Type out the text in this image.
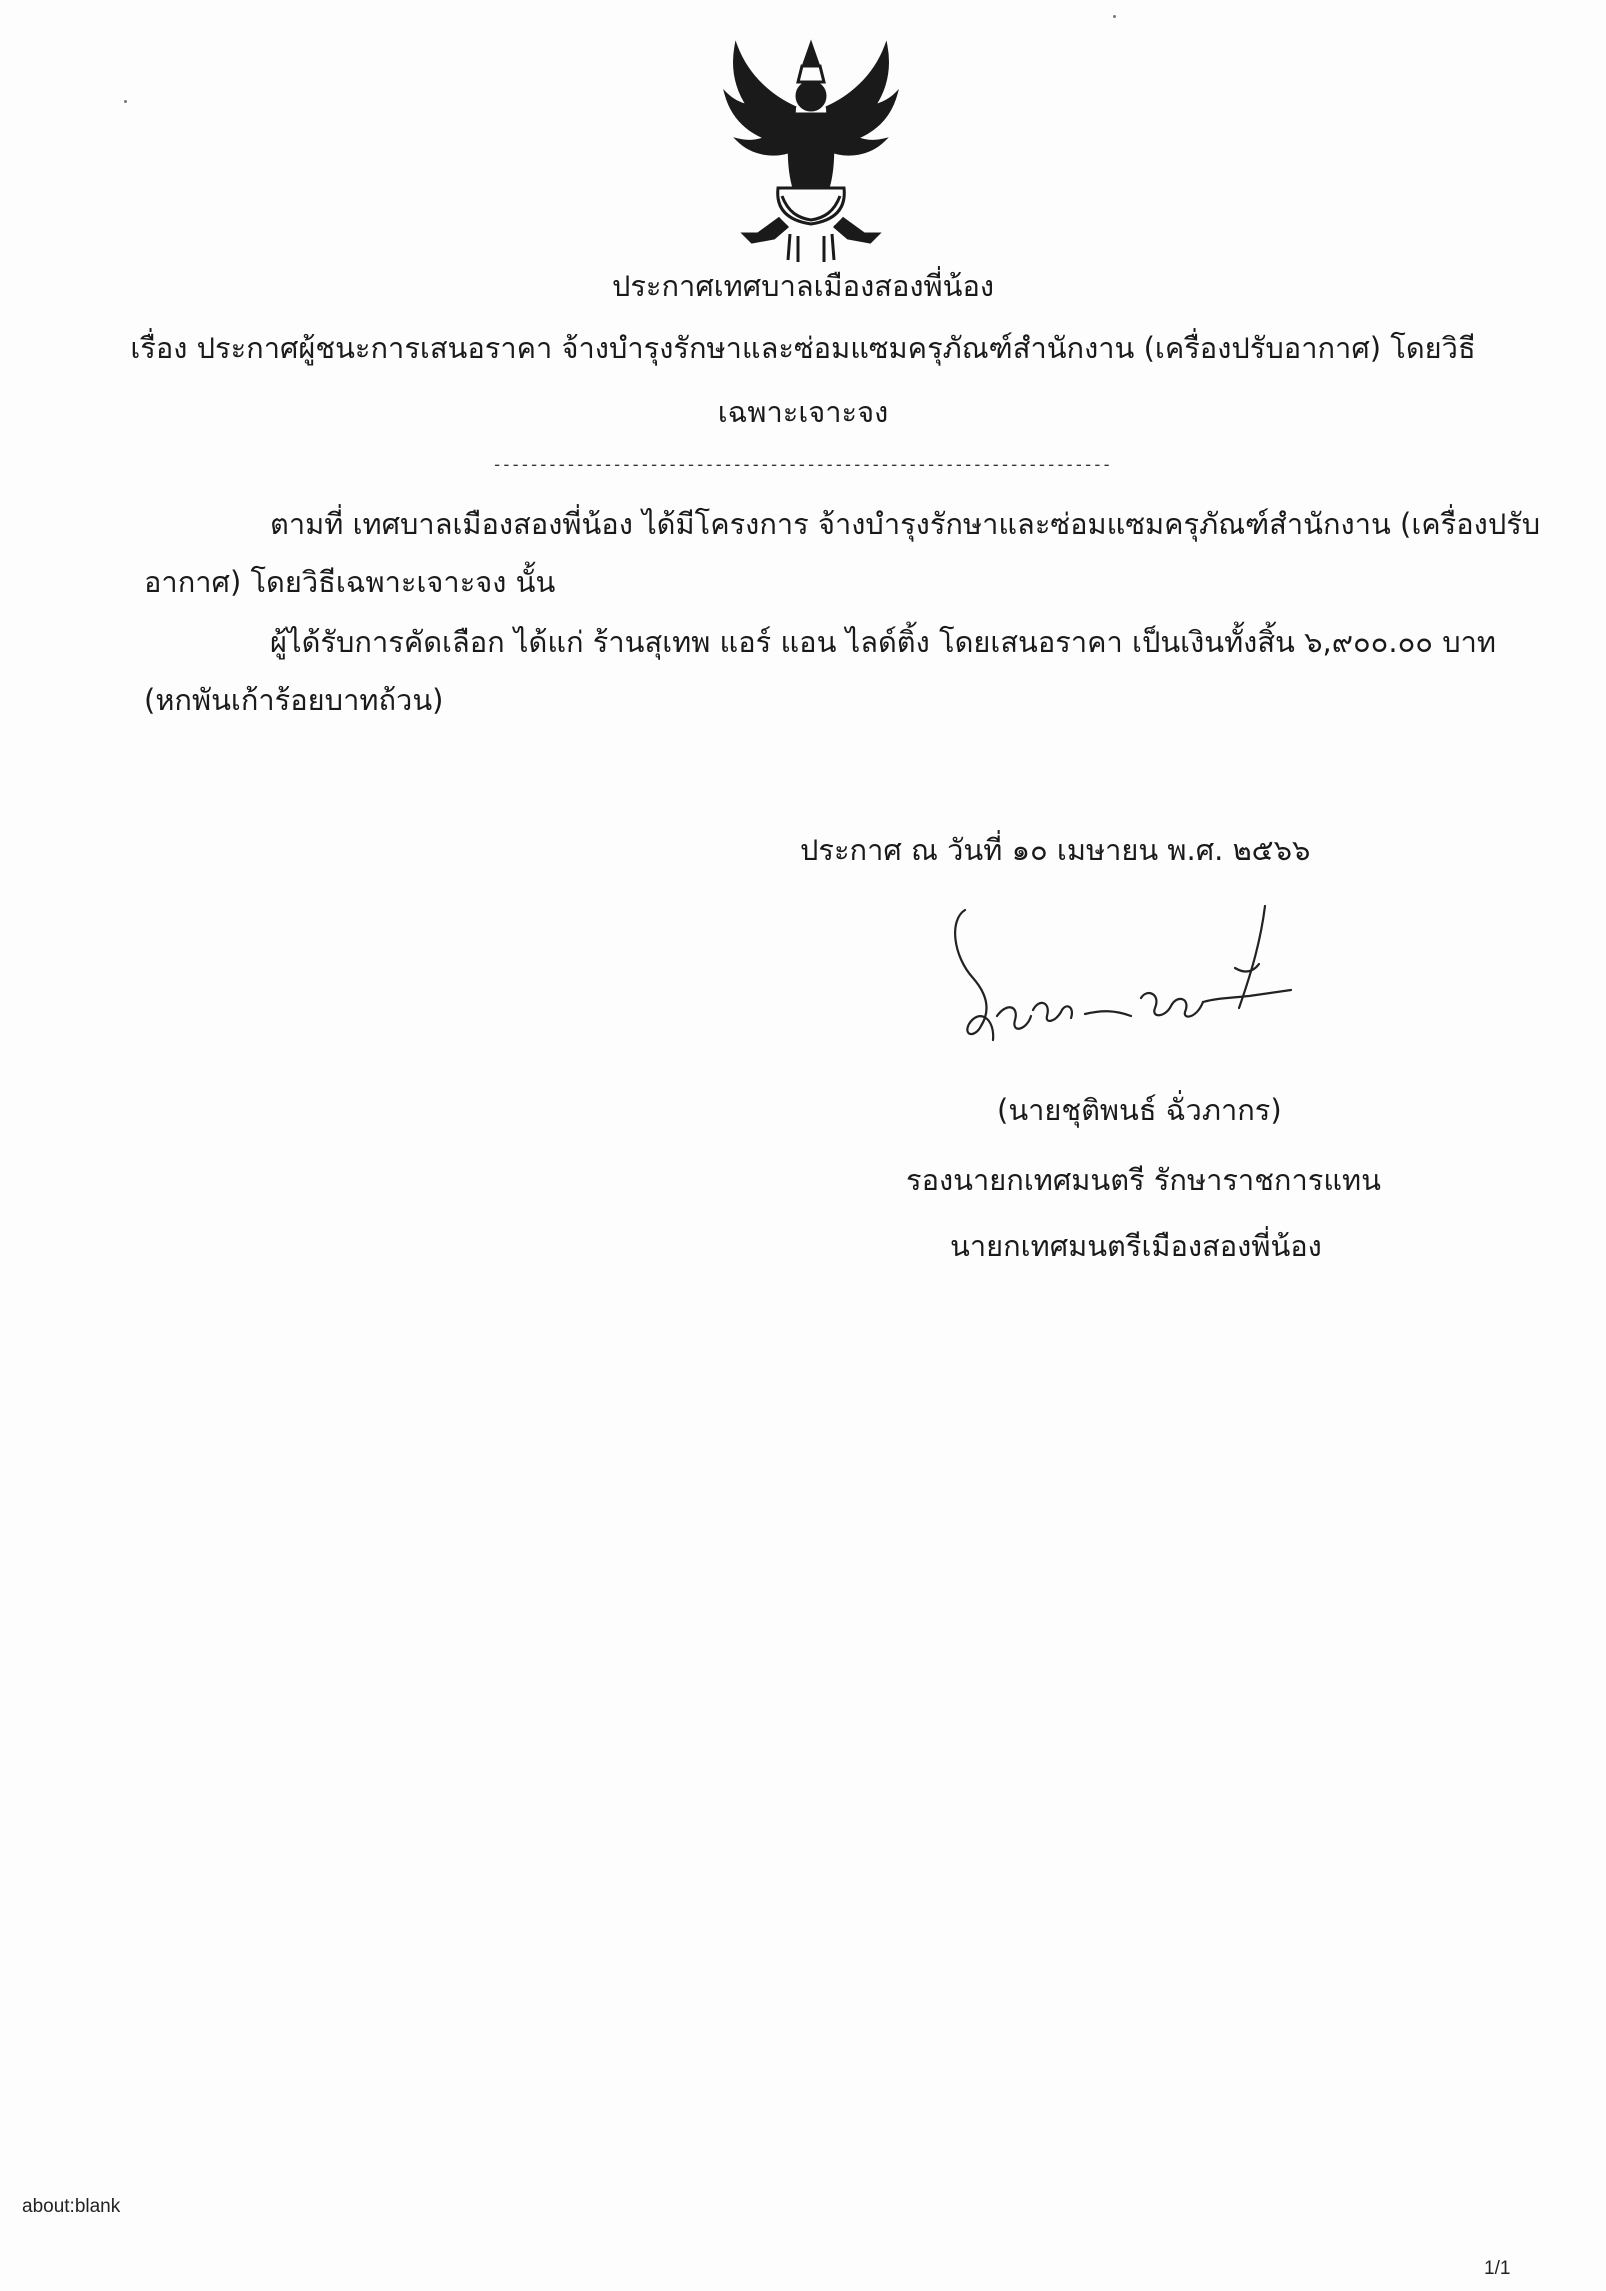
ประกาศเทศบาลเมืองสองพี่น้อง
เรื่อง ประกาศผู้ชนะการเสนอราคา จ้างบำรุงรักษาและซ่อมแซมครุภัณฑ์สำนักงาน (เครื่องปรับอากาศ) โดยวิธี
เฉพาะเจาะจง
-------------------------------------------------------------------
ตามที่ เทศบาลเมืองสองพี่น้อง ได้มีโครงการ จ้างบำรุงรักษาและซ่อมแซมครุภัณฑ์สำนักงาน (เครื่องปรับ
อากาศ) โดยวิธีเฉพาะเจาะจง นั้น
ผู้ได้รับการคัดเลือก ได้แก่ ร้านสุเทพ แอร์ แอน ไลด์ติ้ง โดยเสนอราคา เป็นเงินทั้งสิ้น ๖,๙๐๐.๐๐ บาท
(หกพันเก้าร้อยบาทถ้วน)
ประกาศ ณ วันที่ ๑๐ เมษายน พ.ศ. ๒๕๖๖
(นายชุติพนธ์ ฉั่วภากร)
รองนายกเทศมนตรี รักษาราชการแทน
นายกเทศมนตรีเมืองสองพี่น้อง
about:blank
1/1
